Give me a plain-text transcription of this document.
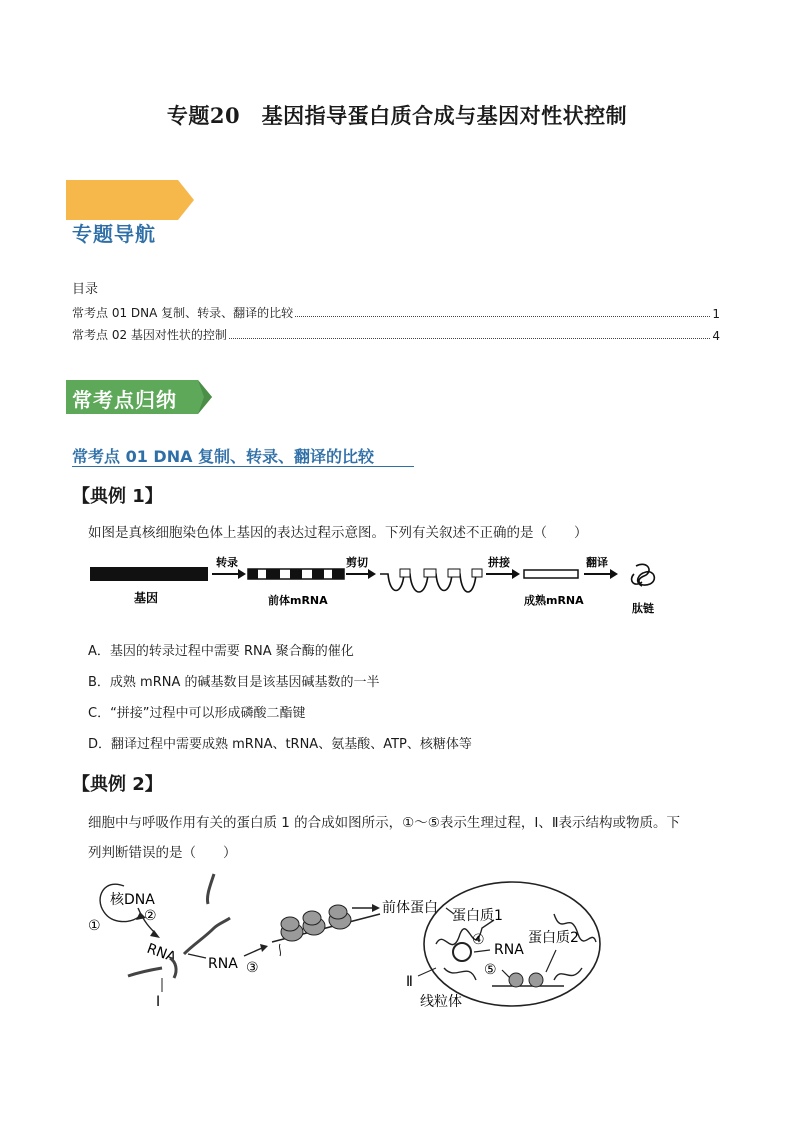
专题20　基因指导蛋白质合成与基因对性状控制
专题导航
目录
常考点 01 DNA 复制、转录、翻译的比较	1
常考点 02 基因对性状的控制	4
常考点归纳
常考点 01 DNA 复制、转录、翻译的比较
【典例 1】
如图是真核细胞染色体上基因的表达过程示意图。下列有关叙述不正确的是（　　）
基因
转录
前体mRNA
剪切	拼接
成熟mRNA
翻译
肽链
A．基因的转录过程中需要 RNA 聚合酶的催化
B．成熟 mRNA 的碱基数目是该基因碱基数的一半
C．“拼接”过程中可以形成磷酸二酯键
D．翻译过程中需要成熟 mRNA、tRNA、氨基酸、ATP、核糖体等
【典例 2】
细胞中与呼吸作用有关的蛋白质 1 的合成如图所示，①～⑤表示生理过程，Ⅰ、Ⅱ表示结构或物质。下
列判断错误的是（　　）
核DNA
①
②
RNA
Ⅰ
RNA ③
前体蛋白 蛋白质1
④
RNA
蛋白质2
⑤
Ⅱ
线粒体
